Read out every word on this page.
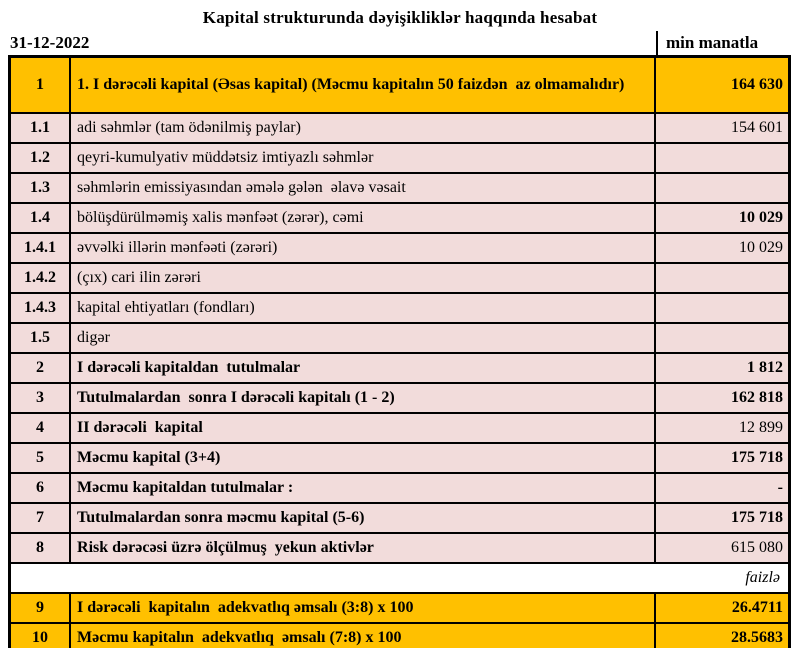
Kapital strukturunda dəyişikliklər haqqında hesabat
31-12-2022	min manatla
1	1. I dərəcəli kapital (Əsas kapital) (Məcmu kapitalın 50 faizdən  az olmamalıdır)	164 630
1.1	adi səhmlər (tam ödənilmiş paylar)	154 601
1.2	qeyri-kumulyativ müddətsiz imtiyazlı səhmlər	
1.3	səhmlərin emissiyasından əmələ gələn  əlavə vəsait	
1.4	bölüşdürülməmiş xalis mənfəət (zərər), cəmi	10 029
1.4.1	əvvəlki illərin mənfəəti (zərəri)	10 029
1.4.2	(çıx) cari ilin zərəri	
1.4.3	kapital ehtiyatları (fondları)	
1.5	digər	
2	I dərəcəli kapitaldan  tutulmalar	1 812
3	Tutulmalardan  sonra I dərəcəli kapitalı (1 - 2)	162 818
4	II dərəcəli  kapital	12 899
5	Məcmu kapital (3+4)	175 718
6	Məcmu kapitaldan tutulmalar :	-
7	Tutulmalardan sonra məcmu kapital (5-6)	175 718
8	Risk dərəcəsi üzrə ölçülmuş  yekun aktivlər	615 080
faizlə		
9	I dərəcəli  kapitalın  adekvatlıq əmsalı (3:8) x 100	26.4711
10	Məcmu kapitalın  adekvatlıq  əmsalı (7:8) x 100	28.5683
